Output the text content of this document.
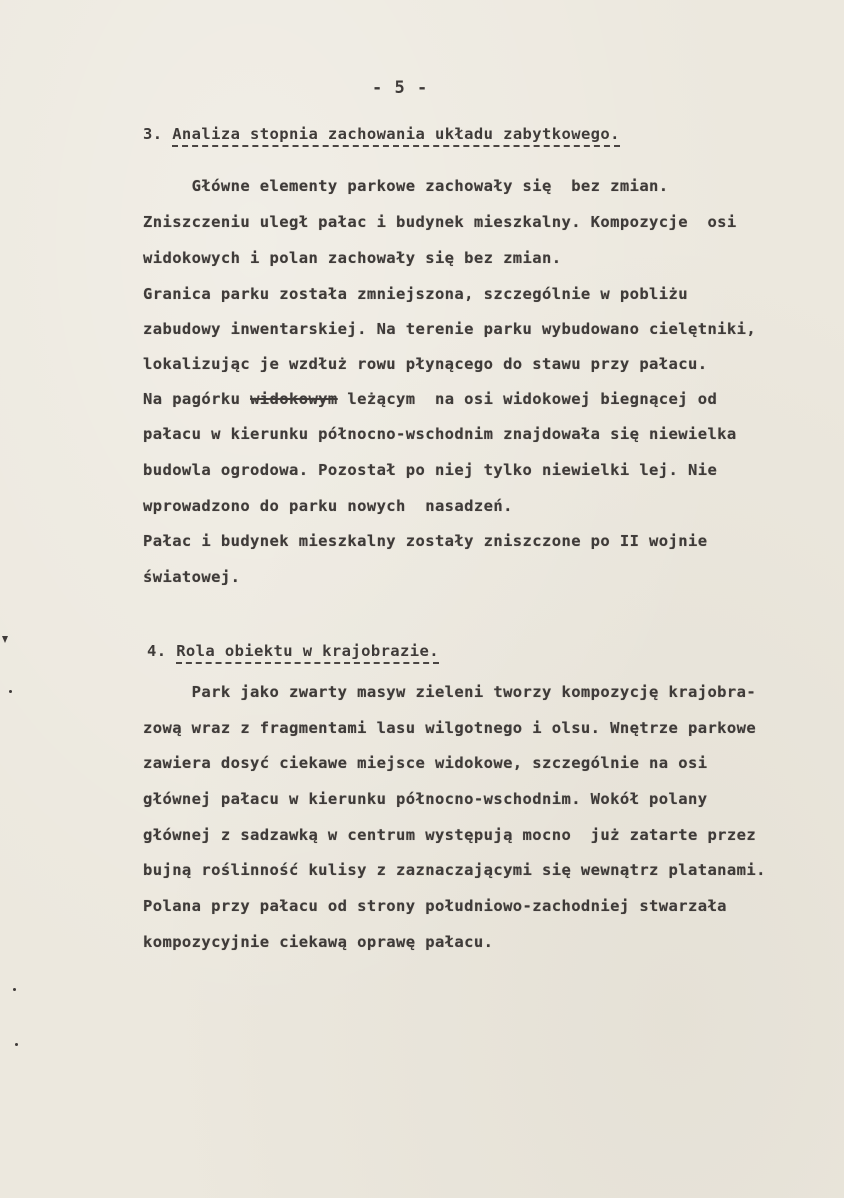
- 5 -
3. Analiza stopnia zachowania układu zabytkowego.
Główne elementy parkowe zachowały się  bez zmian.
Zniszczeniu uległ pałac i budynek mieszkalny. Kompozycje  osi
widokowych i polan zachowały się bez zmian.
Granica parku została zmniejszona, szczególnie w pobliżu
zabudowy inwentarskiej. Na terenie parku wybudowano cielętniki,
lokalizując je wzdłuż rowu płynącego do stawu przy pałacu.
Na pagórku widokowym leżącym  na osi widokowej biegnącej od
pałacu w kierunku północno-wschodnim znajdowała się niewielka
budowla ogrodowa. Pozostał po niej tylko niewielki lej. Nie
wprowadzono do parku nowych  nasadzeń.
Pałac i budynek mieszkalny zostały zniszczone po II wojnie
światowej.
4. Rola obiektu w krajobrazie.
Park jako zwarty masyw zieleni tworzy kompozycję krajobra-
zową wraz z fragmentami lasu wilgotnego i olsu. Wnętrze parkowe
zawiera dosyć ciekawe miejsce widokowe, szczególnie na osi
głównej pałacu w kierunku północno-wschodnim. Wokół polany
głównej z sadzawką w centrum występują mocno  już zatarte przez
bujną roślinność kulisy z zaznaczającymi się wewnątrz platanami.
Polana przy pałacu od strony południowo-zachodniej stwarzała
kompozycyjnie ciekawą oprawę pałacu.
